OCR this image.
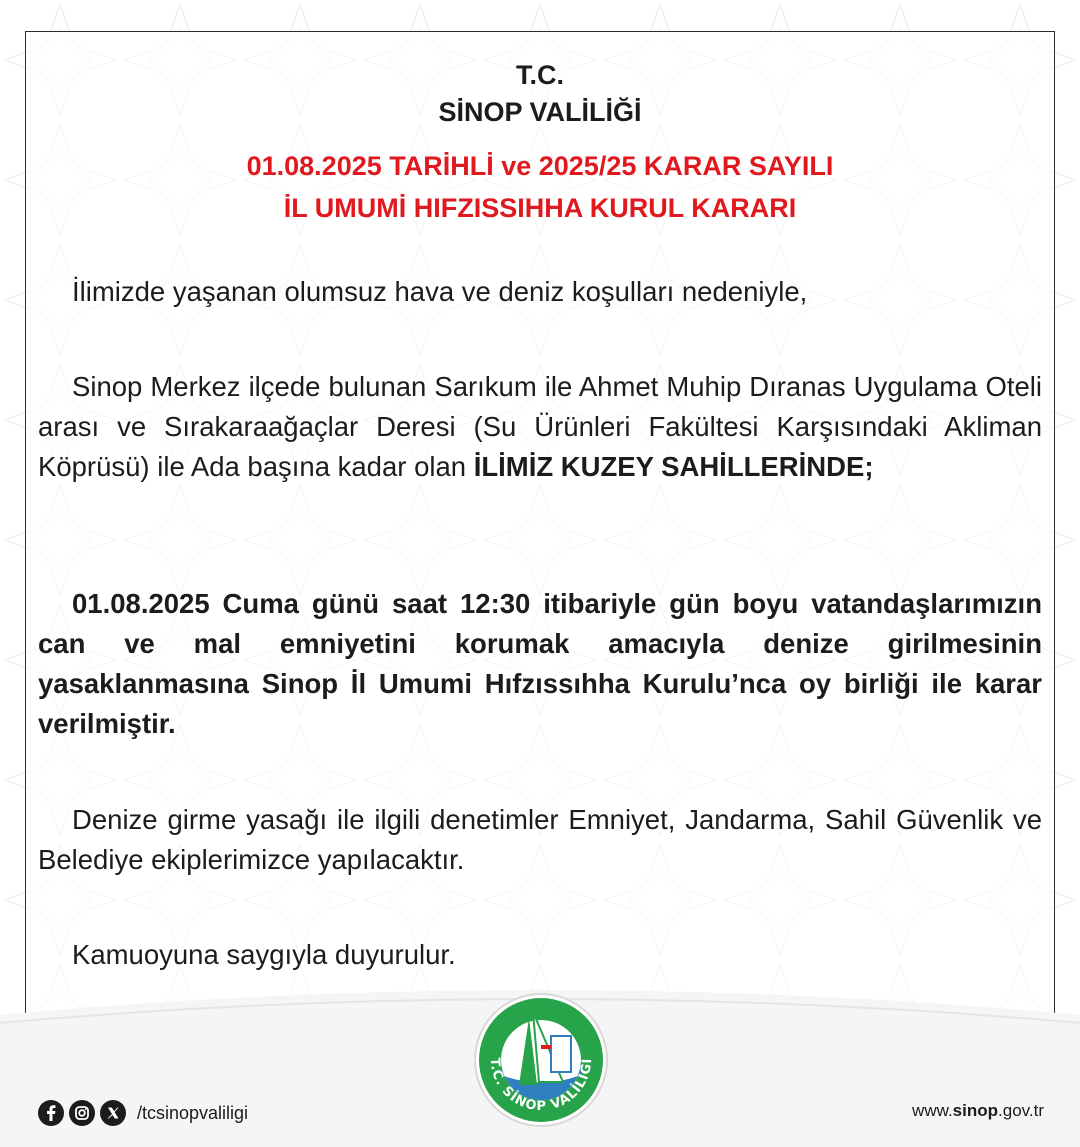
T.C.
SİNOP VALİLİĞİ
01.08.2025 TARİHLİ ve 2025/25 KARAR SAYILI
İL UMUMİ HIFZISSIHHA KURUL KARARI
İlimizde yaşanan olumsuz hava ve deniz koşulları nedeniyle,
Sinop Merkez ilçede bulunan Sarıkum ile Ahmet Muhip Dıranas Uygulama Oteli arası ve Sırakaraağaçlar Deresi (Su Ürünleri Fakültesi Karşısındaki Akliman Köprüsü) ile Ada başına kadar olan İLİMİZ KUZEY SAHİLLERİNDE;
01.08.2025 Cuma günü saat 12:30 itibariyle gün boyu vatandaşlarımızın can ve mal emniyetini korumak amacıyla denize girilmesinin yasaklanmasına Sinop İl Umumi Hıfzıssıhha Kurulu’nca oy birliği ile karar verilmiştir.
Denize girme yasağı ile ilgili denetimler Emniyet, Jandarma, Sahil Güvenlik ve Belediye ekiplerimizce yapılacaktır.
Kamuoyuna saygıyla duyurulur.
T.C. SİNOP VALİLİĞİ
/tcsinopvaliligi	www.sinop.gov.tr
